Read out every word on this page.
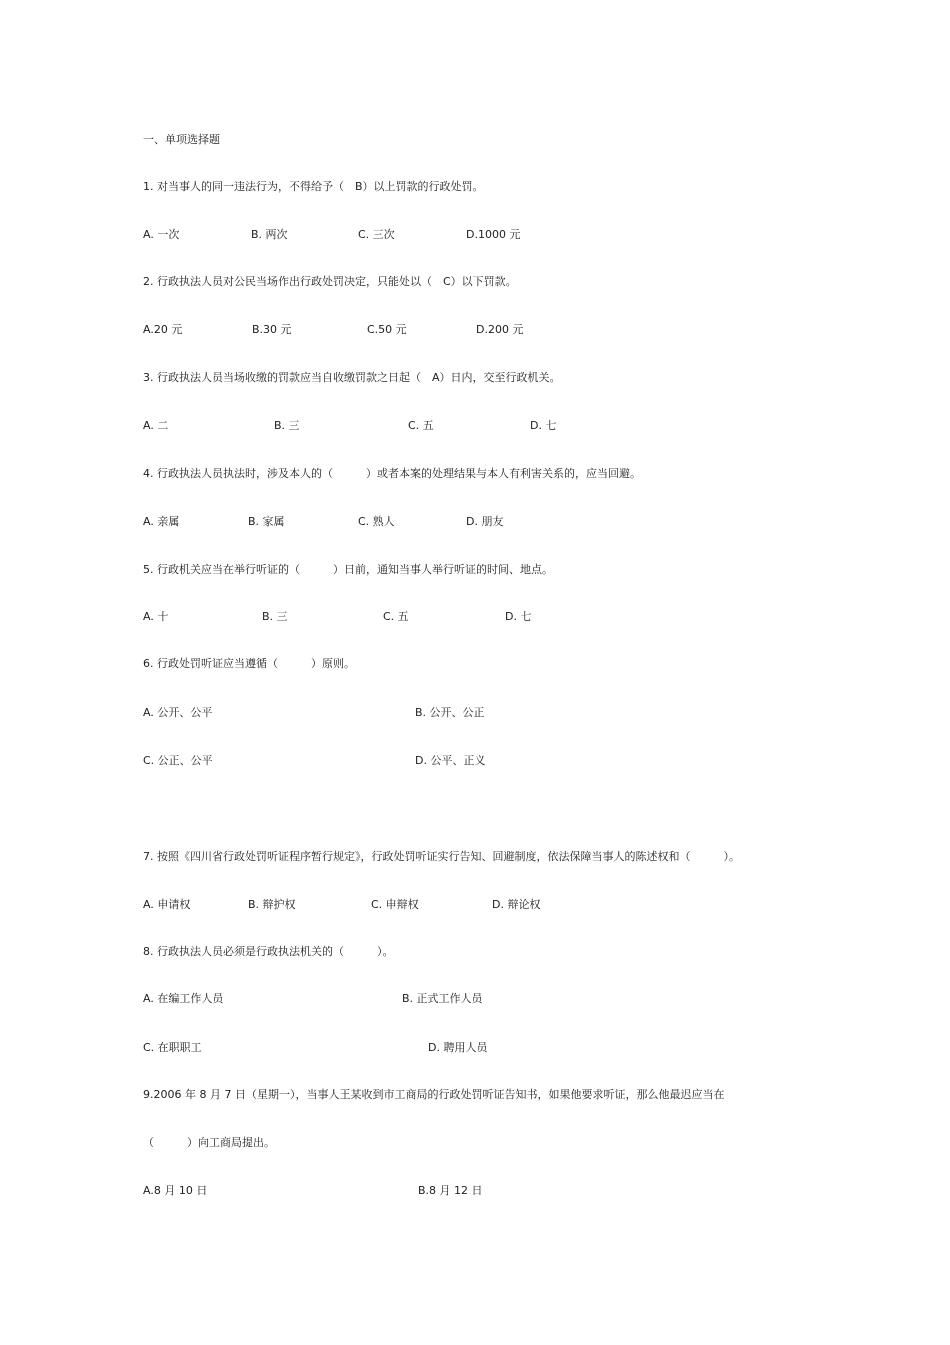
一、单项选择题
1. 对当事人的同一违法行为，不得给予（　B）以上罚款的行政处罚。
A. 一次	B. 两次	C. 三次	D.1000 元
2. 行政执法人员对公民当场作出行政处罚决定，只能处以（　C）以下罚款。
A.20 元	B.30 元	C.50 元	D.200 元
3. 行政执法人员当场收缴的罚款应当自收缴罚款之日起（　A）日内，交至行政机关。
A. 二	B. 三	C. 五	D. 七
4. 行政执法人员执法时，涉及本人的（　　　）或者本案的处理结果与本人有利害关系的，应当回避。
A. 亲属	B. 家属	C. 熟人	D. 朋友
5. 行政机关应当在举行听证的（　　　）日前，通知当事人举行听证的时间、地点。
A. 十	B. 三	C. 五	D. 七
6. 行政处罚听证应当遵循（　　　）原则。
A. 公开、公平	B. 公开、公正
C. 公正、公平	D. 公平、正义
7. 按照《四川省行政处罚听证程序暂行规定》，行政处罚听证实行告知、回避制度，依法保障当事人的陈述权和（　　　）。
A. 申请权	B. 辩护权	C. 申辩权	D. 辩论权
8. 行政执法人员必须是行政执法机关的（　　　）。
A. 在编工作人员	B. 正式工作人员
C. 在职职工	D. 聘用人员
9.2006 年 8 月 7 日（星期一），当事人王某收到市工商局的行政处罚听证告知书，如果他要求听证，那么他最迟应当在
（　　　）向工商局提出。
A.8 月 10 日	B.8 月 12 日
